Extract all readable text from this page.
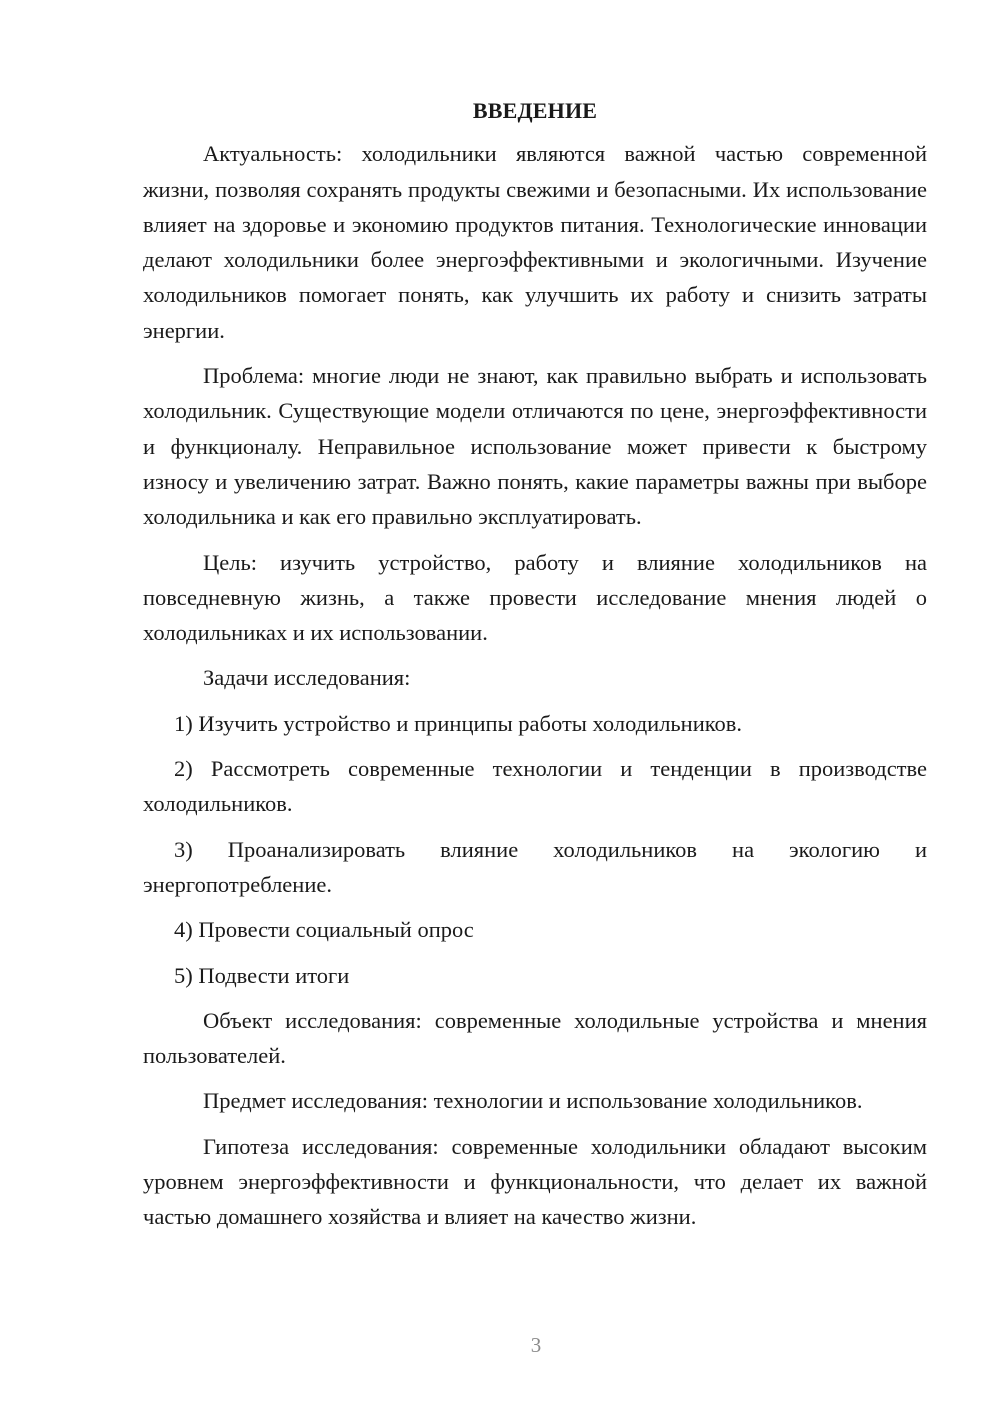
ВВЕДЕНИЕ

Актуальность: холодильники являются важной частью современной жизни, позволяя сохранять продукты свежими и безопасными. Их использование влияет на здоровье и экономию продуктов питания. Технологические инновации делают холодильники более энергоэффективными и экологичными. Изучение холодильников помогает понять, как улучшить их работу и снизить затраты энергии.

Проблема: многие люди не знают, как правильно выбрать и использовать холодильник. Существующие модели отличаются по цене, энергоэффективности и функционалу. Неправильное использование может привести к быстрому износу и увеличению затрат. Важно понять, какие параметры важны при выборе холодильника и как его правильно эксплуатировать.

Цель: изучить устройство, работу и влияние холодильников на повседневную жизнь, а также провести исследование мнения людей о холодильниках и их использовании.

Задачи исследования:

1) Изучить устройство и принципы работы холодильников.

2) Рассмотреть современные технологии и тенденции в производстве холодильников.

3) Проанализировать влияние холодильников на экологию и энергопотребление.

4) Провести социальный опрос

5) Подвести итоги

Объект исследования: современные холодильные устройства и мнения пользователей.

Предмет исследования: технологии и использование холодильников.

Гипотеза исследования: современные холодильники обладают высоким уровнем энергоэффективности и функциональности, что делает их важной частью домашнего хозяйства и влияет на качество жизни.

3
